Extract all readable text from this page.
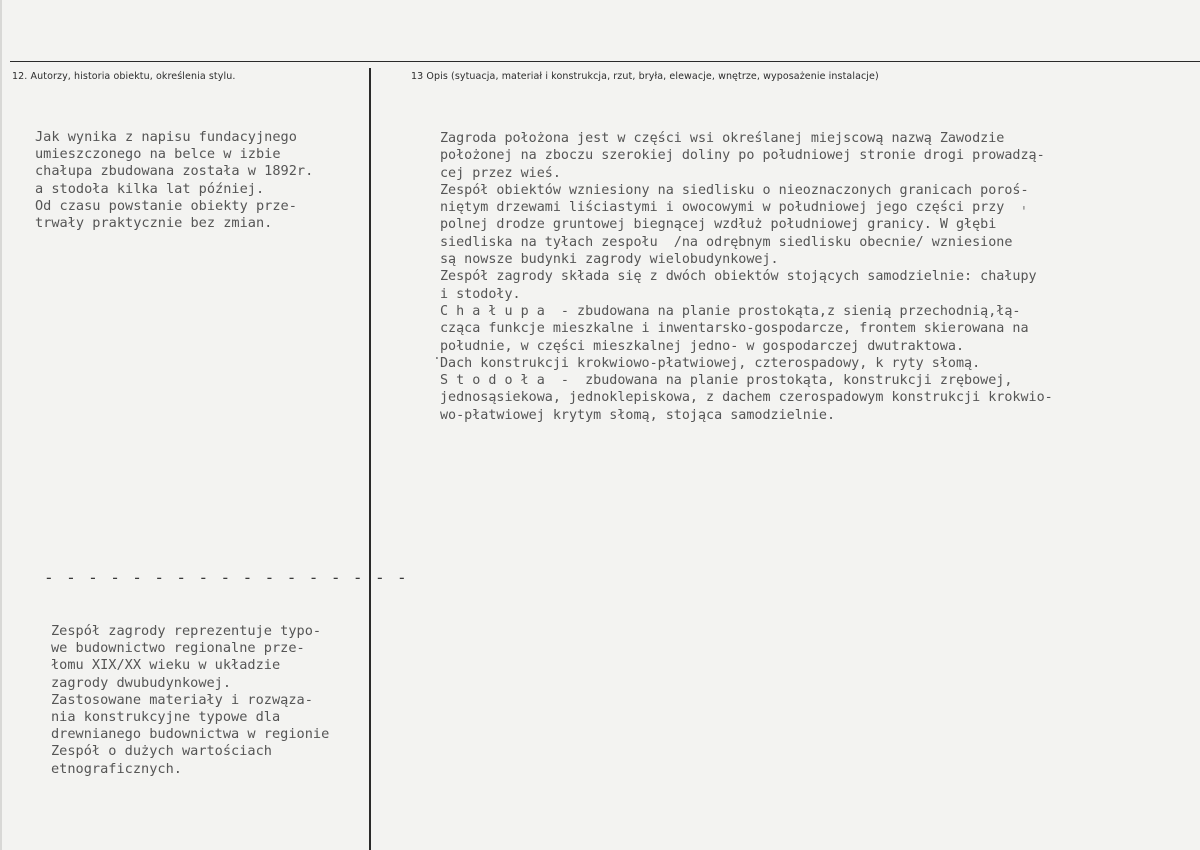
12. Autorzy, historia obiektu, określenia stylu.	13 Opis (sytuacja, materiał i konstrukcja, rzut, bryła, elewacje, wnętrze, wyposażenie instalacje)
Jak wynika z napisu fundacyjnego
umieszczonego na belce w izbie
chałupa zbudowana została w 1892r.
a stodoła kilka lat później.
Od czasu powstanie obiekty prze-
trwały praktycznie bez zmian.
- - - - - - - - - - - - - - - - -
Zespół zagrody reprezentuje typo-
we budownictwo regionalne prze-
łomu XIX/XX wieku w układzie
zagrody dwubudynkowej.
Zastosowane materiały i rozwąza-
nia konstrukcyjne typowe dla
drewnianego budownictwa w regionie
Zespół o dużych wartościach
etnograficznych.
Zagroda położona jest w części wsi określanej miejscową nazwą Zawodzie
położonej na zboczu szerokiej doliny po południowej stronie drogi prowadzą-
cej przez wieś.
Zespół obiektów wzniesiony na siedlisku o nieoznaczonych granicach poroś-
niętym drzewami liściastymi i owocowymi w południowej jego części przy
polnej drodze gruntowej biegnącej wzdłuż południowej granicy. W głębi
siedliska na tyłach zespołu  /na odrębnym siedlisku obecnie/ wzniesione
są nowsze budynki zagrody wielobudynkowej.
Zespół zagrody składa się z dwóch obiektów stojących samodzielnie: chałupy
i stodoły.
C h a ł u p a  - zbudowana na planie prostokąta,z sienią przechodnią,łą-
cząca funkcje mieszkalne i inwentarsko-gospodarcze, frontem skierowana na
południe, w części mieszkalnej jedno- w gospodarczej dwutraktowa.
Dach konstrukcji krokwiowo-płatwiowej, czterospadowy, k ryty słomą.
S t o d o ł a  -  zbudowana na planie prostokąta, konstrukcji zrębowej,
jednosąsiekowa, jednoklepiskowa, z dachem czerospadowym konstrukcji krokwio-
wo-płatwiowej krytym słomą, stojąca samodzielnie.
'
.
